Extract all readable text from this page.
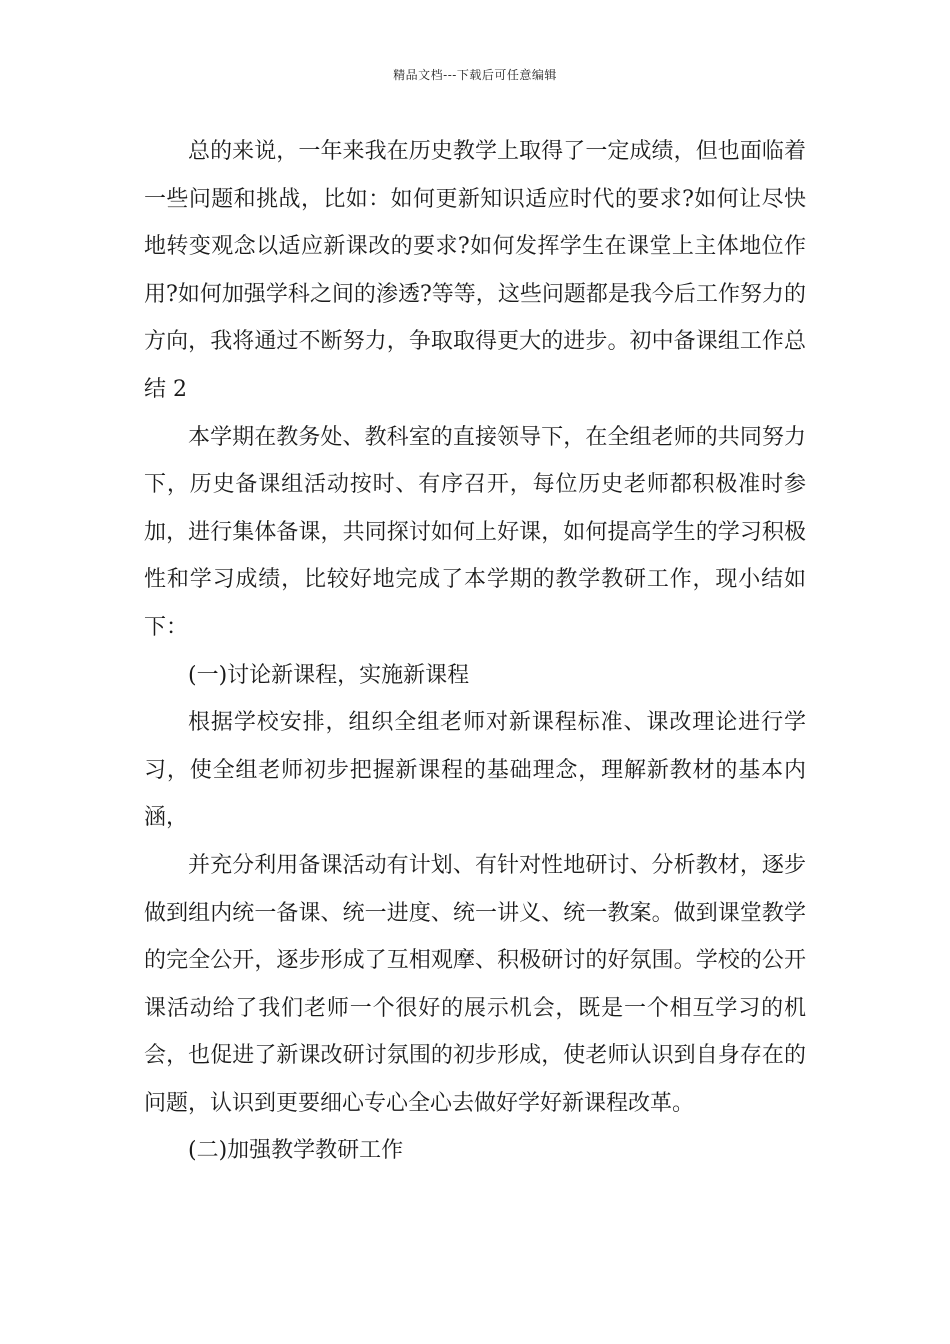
精品文档---下载后可任意编辑

总的来说，一年来我在历史教学上取得了一定成绩，但也面临着一些问题和挑战，比如：如何更新知识适应时代的要求?如何让尽快地转变观念以适应新课改的要求?如何发挥学生在课堂上主体地位作用?如何加强学科之间的渗透?等等，这些问题都是我今后工作努力的方向，我将通过不断努力，争取取得更大的进步。初中备课组工作总结 2

本学期在教务处、教科室的直接领导下，在全组老师的共同努力下，历史备课组活动按时、有序召开，每位历史老师都积极准时参加，进行集体备课，共同探讨如何上好课，如何提高学生的学习积极性和学习成绩，比较好地完成了本学期的教学教研工作，现小结如下：

(一)讨论新课程，实施新课程

根据学校安排，组织全组老师对新课程标准、课改理论进行学习，使全组老师初步把握新课程的基础理念，理解新教材的基本内涵，

并充分利用备课活动有计划、有针对性地研讨、分析教材，逐步做到组内统一备课、统一进度、统一讲义、统一教案。做到课堂教学的完全公开，逐步形成了互相观摩、积极研讨的好氛围。学校的公开课活动给了我们老师一个很好的展示机会，既是一个相互学习的机会，也促进了新课改研讨氛围的初步形成，使老师认识到自身存在的问题，认识到更要细心专心全心去做好学好新课程改革。

(二)加强教学教研工作
